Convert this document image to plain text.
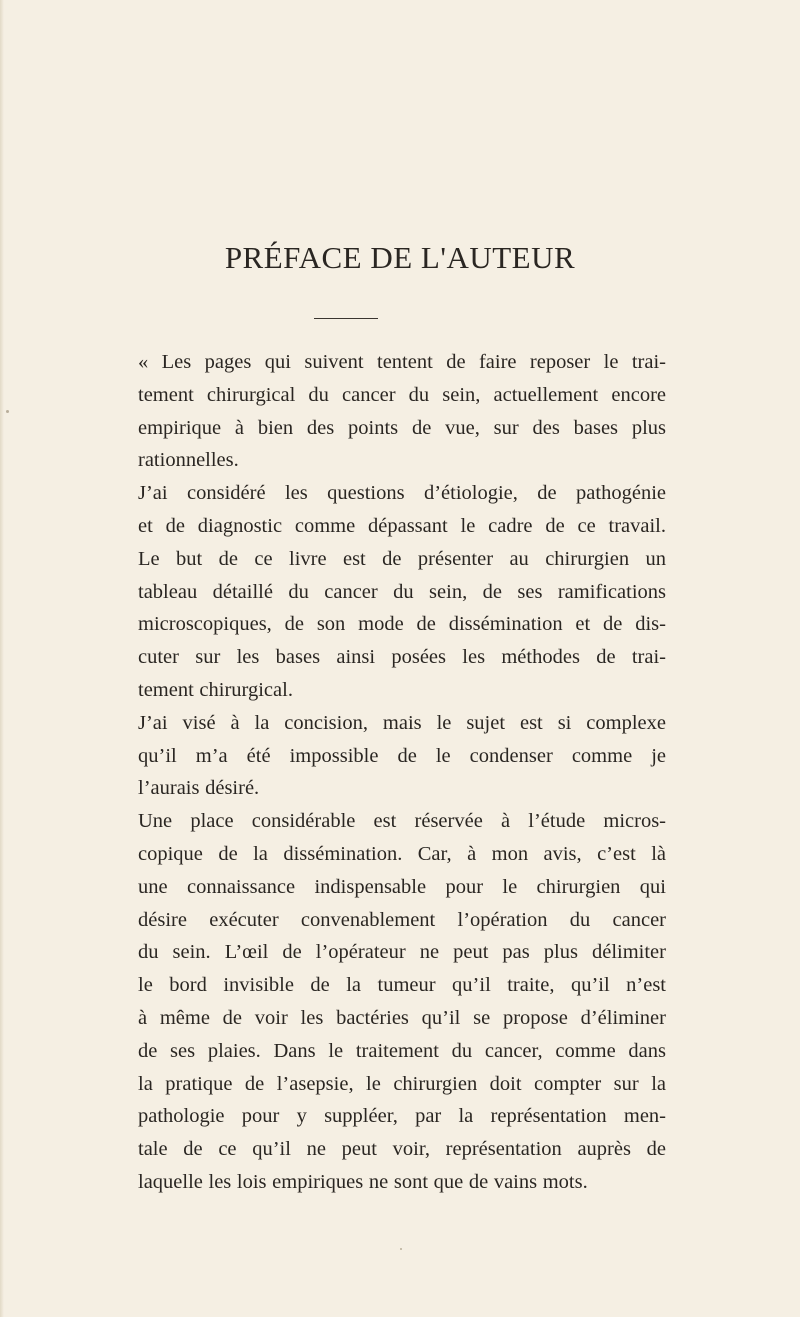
PRÉFACE DE L'AUTEUR

« Les pages qui suivent tentent de faire reposer le trai-
tement chirurgical du cancer du sein, actuellement encore
empirique à bien des points de vue, sur des bases plus
rationnelles.

J’ai considéré les questions d’étiologie, de pathogénie
et de diagnostic comme dépassant le cadre de ce travail.
Le but de ce livre est de présenter au chirurgien un
tableau détaillé du cancer du sein, de ses ramifications
microscopiques, de son mode de dissémination et de dis-
cuter sur les bases ainsi posées les méthodes de trai-
tement chirurgical.

J’ai visé à la concision, mais le sujet est si complexe
qu’il m’a été impossible de le condenser comme je
l’aurais désiré.

Une place considérable est réservée à l’étude micros-
copique de la dissémination. Car, à mon avis, c’est là
une connaissance indispensable pour le chirurgien qui
désire exécuter convenablement l’opération du cancer
du sein. L’œil de l’opérateur ne peut pas plus délimiter
le bord invisible de la tumeur qu’il traite, qu’il n’est
à même de voir les bactéries qu’il se propose d’éliminer
de ses plaies. Dans le traitement du cancer, comme dans
la pratique de l’asepsie, le chirurgien doit compter sur la
pathologie pour y suppléer, par la représentation men-
tale de ce qu’il ne peut voir, représentation auprès de
laquelle les lois empiriques ne sont que de vains mots.
